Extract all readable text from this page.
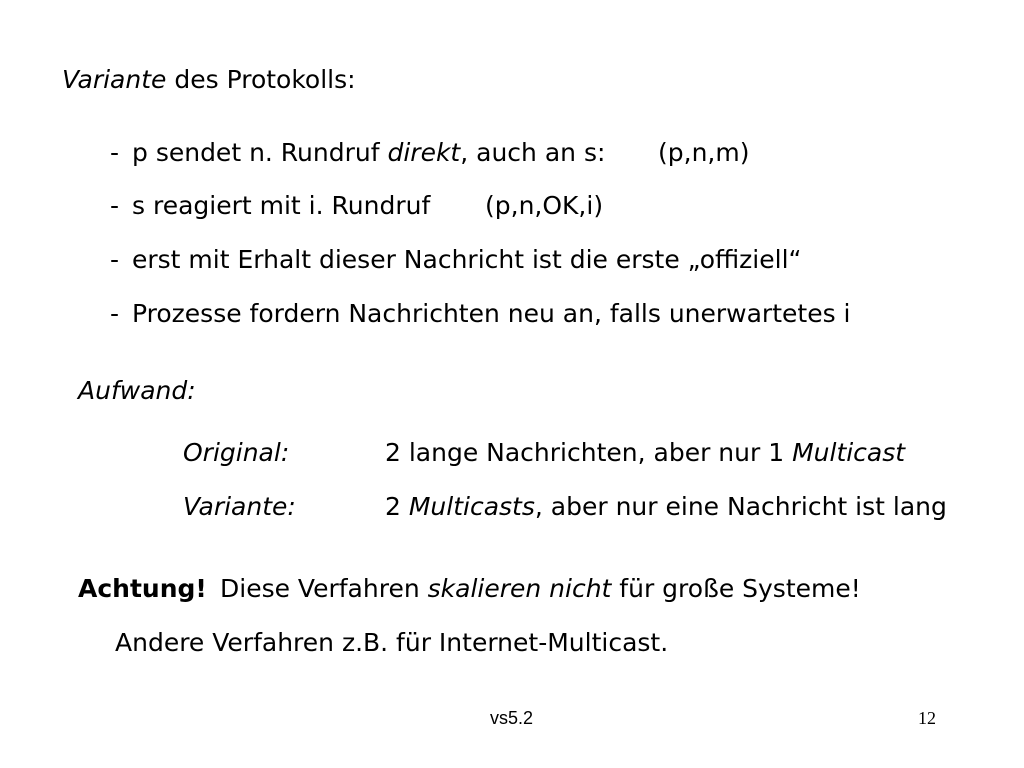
Variante des Protokolls:
- p sendet n. Rundruf direkt, auch an s: (p,n,m)
- s reagiert mit i. Rundruf (p,n,OK,i)
- erst mit Erhalt dieser Nachricht ist die erste „offiziell“
- Prozesse fordern Nachrichten neu an, falls unerwartetes i
Aufwand:
Original:	2 lange Nachrichten, aber nur 1 Multicast
Variante:	2 Multicasts, aber nur eine Nachricht ist lang
Achtung! Diese Verfahren skalieren nicht für große Systeme!
Andere Verfahren z.B. für Internet-Multicast.
vs5.2	12
